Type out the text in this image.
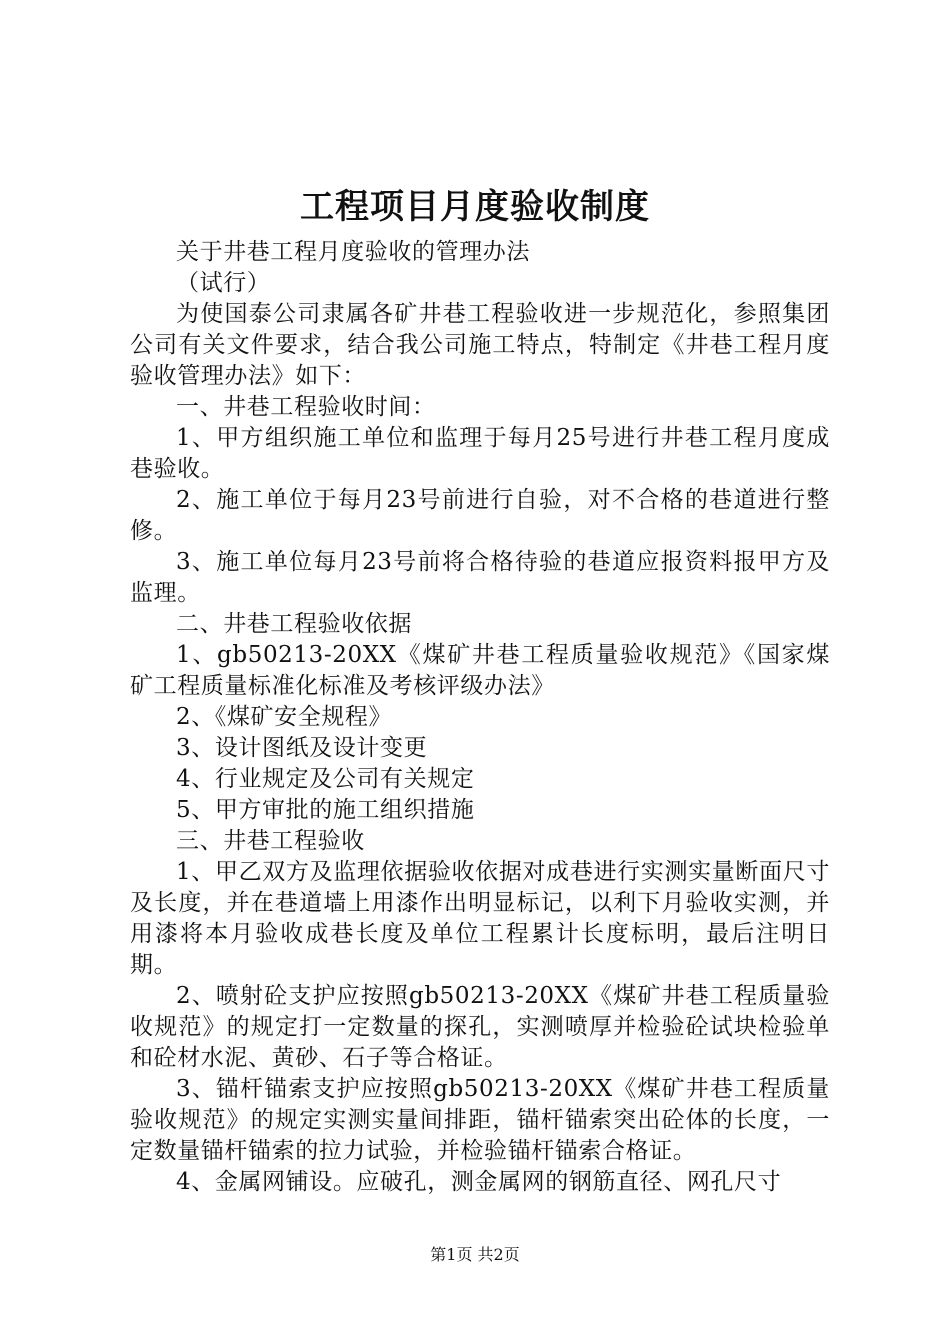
工程项目月度验收制度

关于井巷工程月度验收的管理办法

（试行）

为使国泰公司隶属各矿井巷工程验收进一步规范化，参照集团公司有关文件要求，结合我公司施工特点，特制定《井巷工程月度验收管理办法》如下：

一、井巷工程验收时间：

1、甲方组织施工单位和监理于每月25号进行井巷工程月度成巷验收。

2、施工单位于每月23号前进行自验，对不合格的巷道进行整修。

3、施工单位每月23号前将合格待验的巷道应报资料报甲方及监理。

二、井巷工程验收依据

1、gb50213-20XX《煤矿井巷工程质量验收规范》《国家煤矿工程质量标准化标准及考核评级办法》

2、《煤矿安全规程》

3、设计图纸及设计变更

4、行业规定及公司有关规定

5、甲方审批的施工组织措施

三、井巷工程验收

1、甲乙双方及监理依据验收依据对成巷进行实测实量断面尺寸及长度，并在巷道墙上用漆作出明显标记，以利下月验收实测，并用漆将本月验收成巷长度及单位工程累计长度标明，最后注明日期。

2、喷射砼支护应按照gb50213-20XX《煤矿井巷工程质量验收规范》的规定打一定数量的探孔，实测喷厚并检验砼试块检验单和砼材水泥、黄砂、石子等合格证。

3、锚杆锚索支护应按照gb50213-20XX《煤矿井巷工程质量验收规范》的规定实测实量间排距，锚杆锚索突出砼体的长度，一定数量锚杆锚索的拉力试验，并检验锚杆锚索合格证。

4、金属网铺设。应破孔，测金属网的钢筋直径、网孔尺寸

第1页 共2页
